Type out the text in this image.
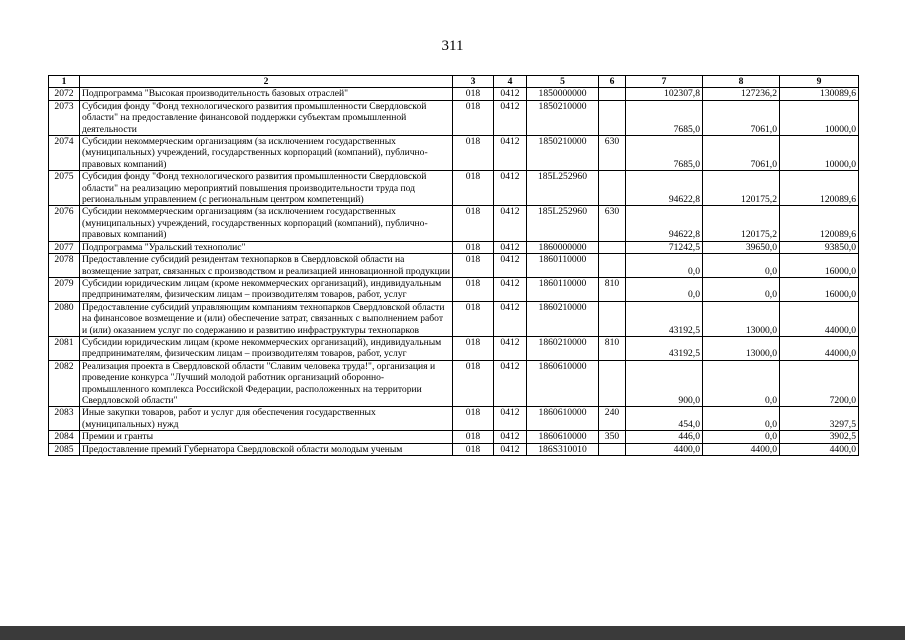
311
1	2	3	4	5	6	7	8	9
2072	Подпрограмма "Высокая производительность базовых отраслей"	018	0412	1850000000		102307,8	127236,2	130089,6
2073	Субсидия фонду "Фонд технологического развития промышленности Свердловской области" на предоставление финансовой поддержки субъектам промышленной деятельности	018	0412	1850210000		7685,0	7061,0	10000,0
2074	Субсидии некоммерческим организациям (за исключением государственных (муниципальных) учреждений, государственных корпораций (компаний), публично-правовых компаний)	018	0412	1850210000	630	7685,0	7061,0	10000,0
2075	Субсидия фонду "Фонд технологического развития промышленности Свердловской области" на реализацию мероприятий повышения производительности труда под региональным управлением (с региональным центром компетенций)	018	0412	185L252960		94622,8	120175,2	120089,6
2076	Субсидии некоммерческим организациям (за исключением государственных (муниципальных) учреждений, государственных корпораций (компаний), публично-правовых компаний)	018	0412	185L252960	630	94622,8	120175,2	120089,6
2077	Подпрограмма "Уральский технополис"	018	0412	1860000000		71242,5	39650,0	93850,0
2078	Предоставление субсидий резидентам технопарков в Свердловской области на возмещение затрат, связанных с производством и реализацией инновационной продукции	018	0412	1860110000		0,0	0,0	16000,0
2079	Субсидии юридическим лицам (кроме некоммерческих организаций), индивидуальным предпринимателям, физическим лицам – производителям товаров, работ, услуг	018	0412	1860110000	810	0,0	0,0	16000,0
2080	Предоставление субсидий управляющим компаниям технопарков Свердловской области на финансовое возмещение и (или) обеспечение затрат, связанных с выполнением работ и (или) оказанием услуг по содержанию и развитию инфраструктуры технопарков	018	0412	1860210000		43192,5	13000,0	44000,0
2081	Субсидии юридическим лицам (кроме некоммерческих организаций), индивидуальным предпринимателям, физическим лицам – производителям товаров, работ, услуг	018	0412	1860210000	810	43192,5	13000,0	44000,0
2082	Реализация проекта в Свердловской области "Славим человека труда!", организация и проведение конкурса "Лучший молодой работник организаций оборонно-промышленного комплекса Российской Федерации, расположенных на территории Свердловской области"	018	0412	1860610000		900,0	0,0	7200,0
2083	Иные закупки товаров, работ и услуг для обеспечения государственных (муниципальных) нужд	018	0412	1860610000	240	454,0	0,0	3297,5
2084	Премии и гранты	018	0412	1860610000	350	446,0	0,0	3902,5
2085	Предоставление премий Губернатора Свердловской области молодым ученым	018	0412	186S310010		4400,0	4400,0	4400,0
